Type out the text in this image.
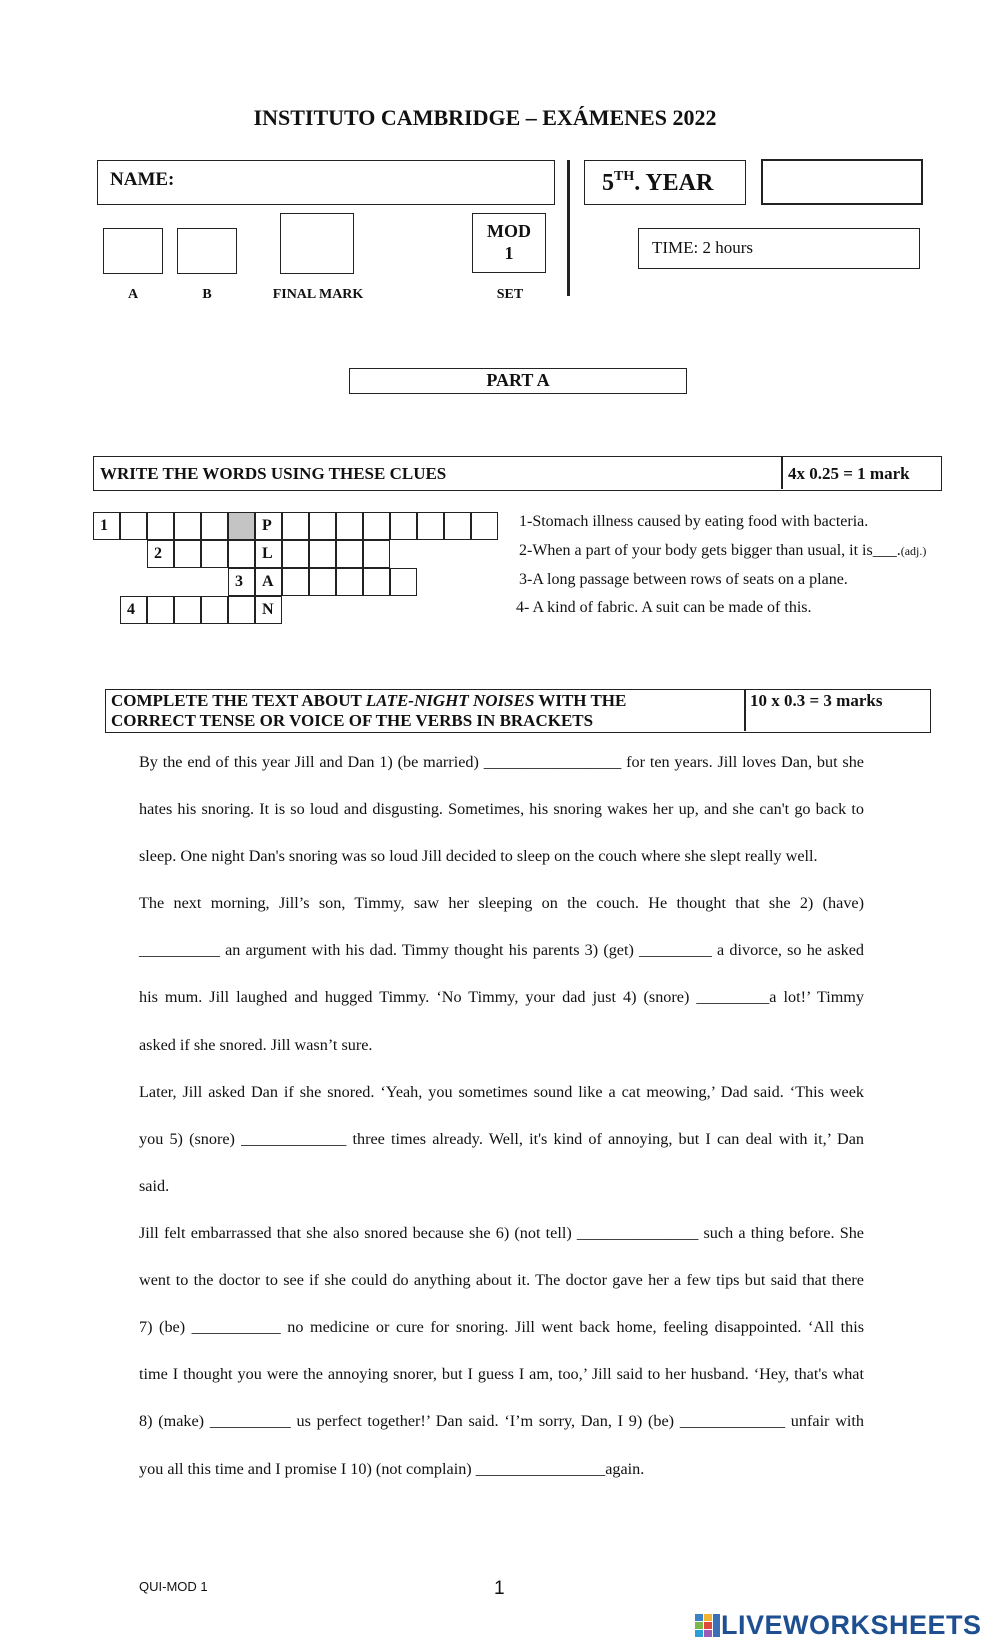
INSTITUTO CAMBRIDGE – EXÁMENES 2022
NAME:	5TH. YEAR
MOD
1
A	B	FINAL MARK	SET
TIME: 2 hours
PART A
WRITE THE WORDS USING THESE CLUES	4x 0.25 = 1 mark
1	P
2	L
3	A
4	N
1-Stomach illness caused by eating food with bacteria.
2-When a part of your body gets bigger than usual, it is___.(adj.)
3-A long passage between rows of seats on a plane.
4- A kind of fabric. A suit can be made of this.
COMPLETE THE TEXT ABOUT LATE-NIGHT NOISES WITH THE
CORRECT TENSE OR VOICE OF THE VERBS IN BRACKETS
10 x 0.3 = 3 marks
By the end of this year Jill and Dan 1) (be married) _________________ for ten years. Jill loves Dan, but she
hates his snoring. It is so loud and disgusting. Sometimes, his snoring wakes her up, and she can't go back to
sleep. One night Dan's snoring was so loud Jill decided to sleep on the couch where she slept really well.
The next morning, Jill’s son, Timmy, saw her sleeping on the couch. He thought that she 2) (have)
__________ an argument with his dad. Timmy thought his parents 3) (get) _________ a divorce, so he asked
his mum. Jill laughed and hugged Timmy. ‘No Timmy, your dad just 4) (snore) _________a lot!’ Timmy
asked if she snored. Jill wasn’t sure.
Later, Jill asked Dan if she snored. ‘Yeah, you sometimes sound like a cat meowing,’ Dad said. ‘This week
you 5) (snore) _____________ three times already. Well, it's kind of annoying, but I can deal with it,’ Dan
said.
Jill felt embarrassed that she also snored because she 6) (not tell) _______________ such a thing before. She
went to the doctor to see if she could do anything about it. The doctor gave her a few tips but said that there
7) (be) ___________ no medicine or cure for snoring. Jill went back home, feeling disappointed. ‘All this
time I thought you were the annoying snorer, but I guess I am, too,’ Jill said to her husband. ‘Hey, that's what
8) (make) __________ us perfect together!’ Dan said. ‘I’m sorry, Dan, I 9) (be) _____________ unfair with
you all this time and I promise I 10) (not complain) ________________again.
QUI-MOD 1	1
LIVEWORKSHEETS
